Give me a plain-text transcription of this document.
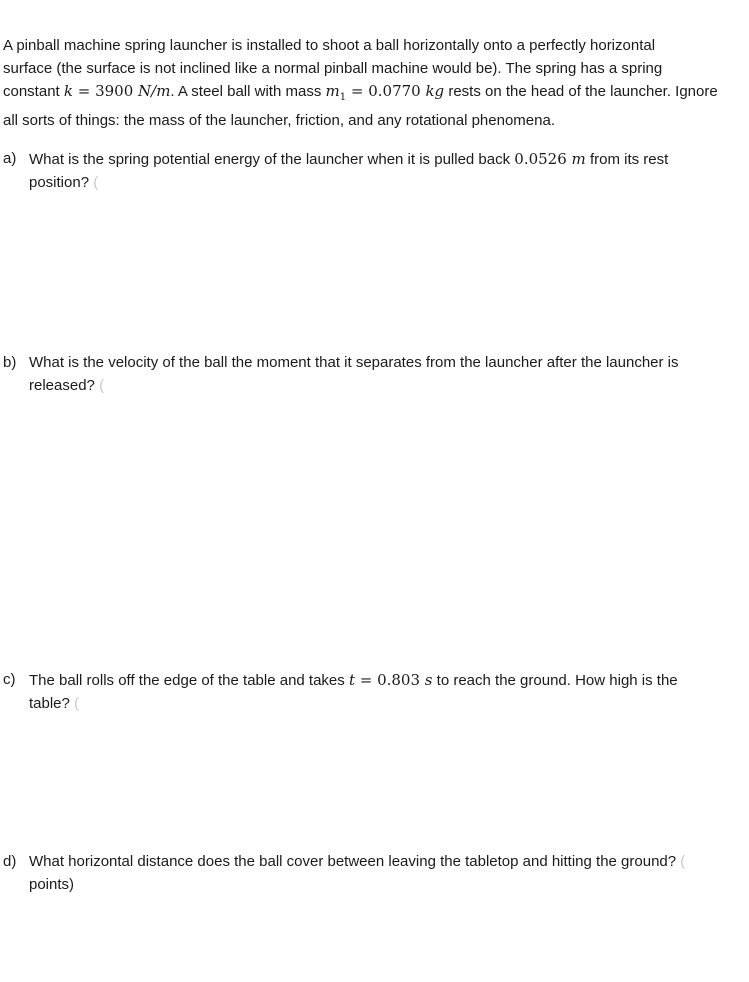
A pinball machine spring launcher is installed to shoot a ball horizontally onto a perfectly horizontal
surface (the surface is not inclined like a normal pinball machine would be). The spring has a spring
constant k = 3900 N/m. A steel ball with mass $m_1 = 0.0770$ kg rests on the head of the launcher. Ignore
all sorts of things: the mass of the launcher, friction, and any rotational phenomena.
a) What is the spring potential energy of the launcher when it is pulled back 0.0526 m from its rest
position? (
b) What is the velocity of the ball the moment that it separates from the launcher after the launcher is
released? (
c) The ball rolls off the edge of the table and takes t = 0.803 s to reach the ground. How high is the
table? (
d) What horizontal distance does the ball cover between leaving the tabletop and hitting the ground? (
points)
